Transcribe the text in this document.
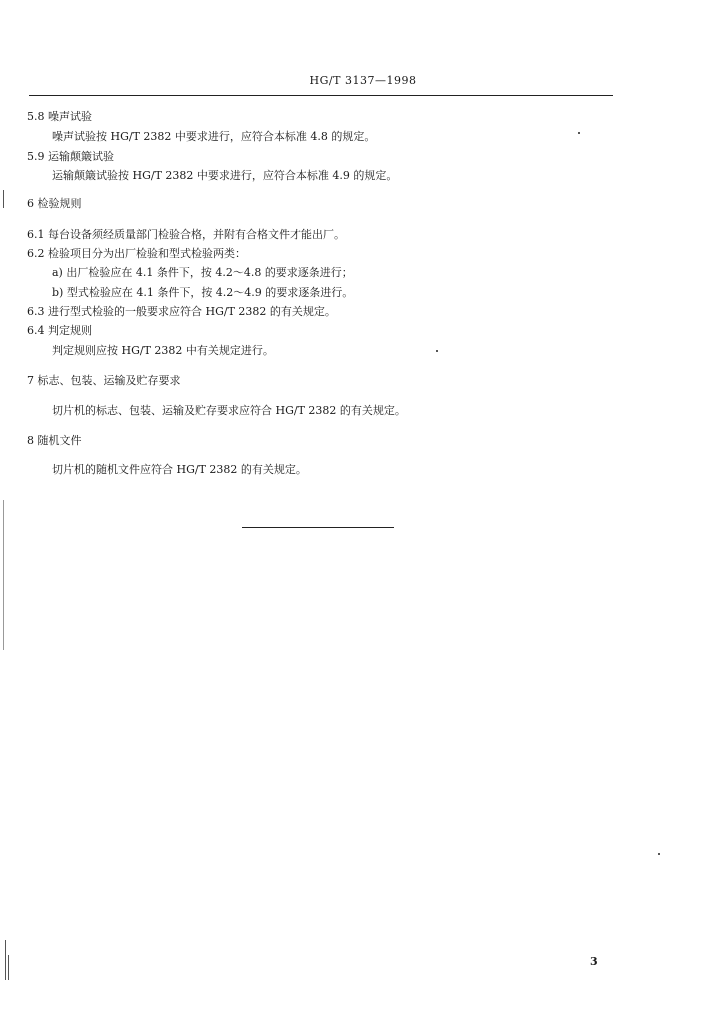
HG/T 3137—1998
5.8 噪声试验
噪声试验按 HG/T 2382 中要求进行，应符合本标准 4.8 的规定。
5.9 运输颠簸试验
运输颠簸试验按 HG/T 2382 中要求进行，应符合本标准 4.9 的规定。
6 检验规则
6.1 每台设备须经质量部门检验合格，并附有合格文件才能出厂。
6.2 检验项目分为出厂检验和型式检验两类：
a) 出厂检验应在 4.1 条件下，按 4.2～4.8 的要求逐条进行；
b) 型式检验应在 4.1 条件下，按 4.2～4.9 的要求逐条进行。
6.3 进行型式检验的一般要求应符合 HG/T 2382 的有关规定。
6.4 判定规则
判定规则应按 HG/T 2382 中有关规定进行。
7 标志、包装、运输及贮存要求
切片机的标志、包装、运输及贮存要求应符合 HG/T 2382 的有关规定。
8 随机文件
切片机的随机文件应符合 HG/T 2382 的有关规定。
3
